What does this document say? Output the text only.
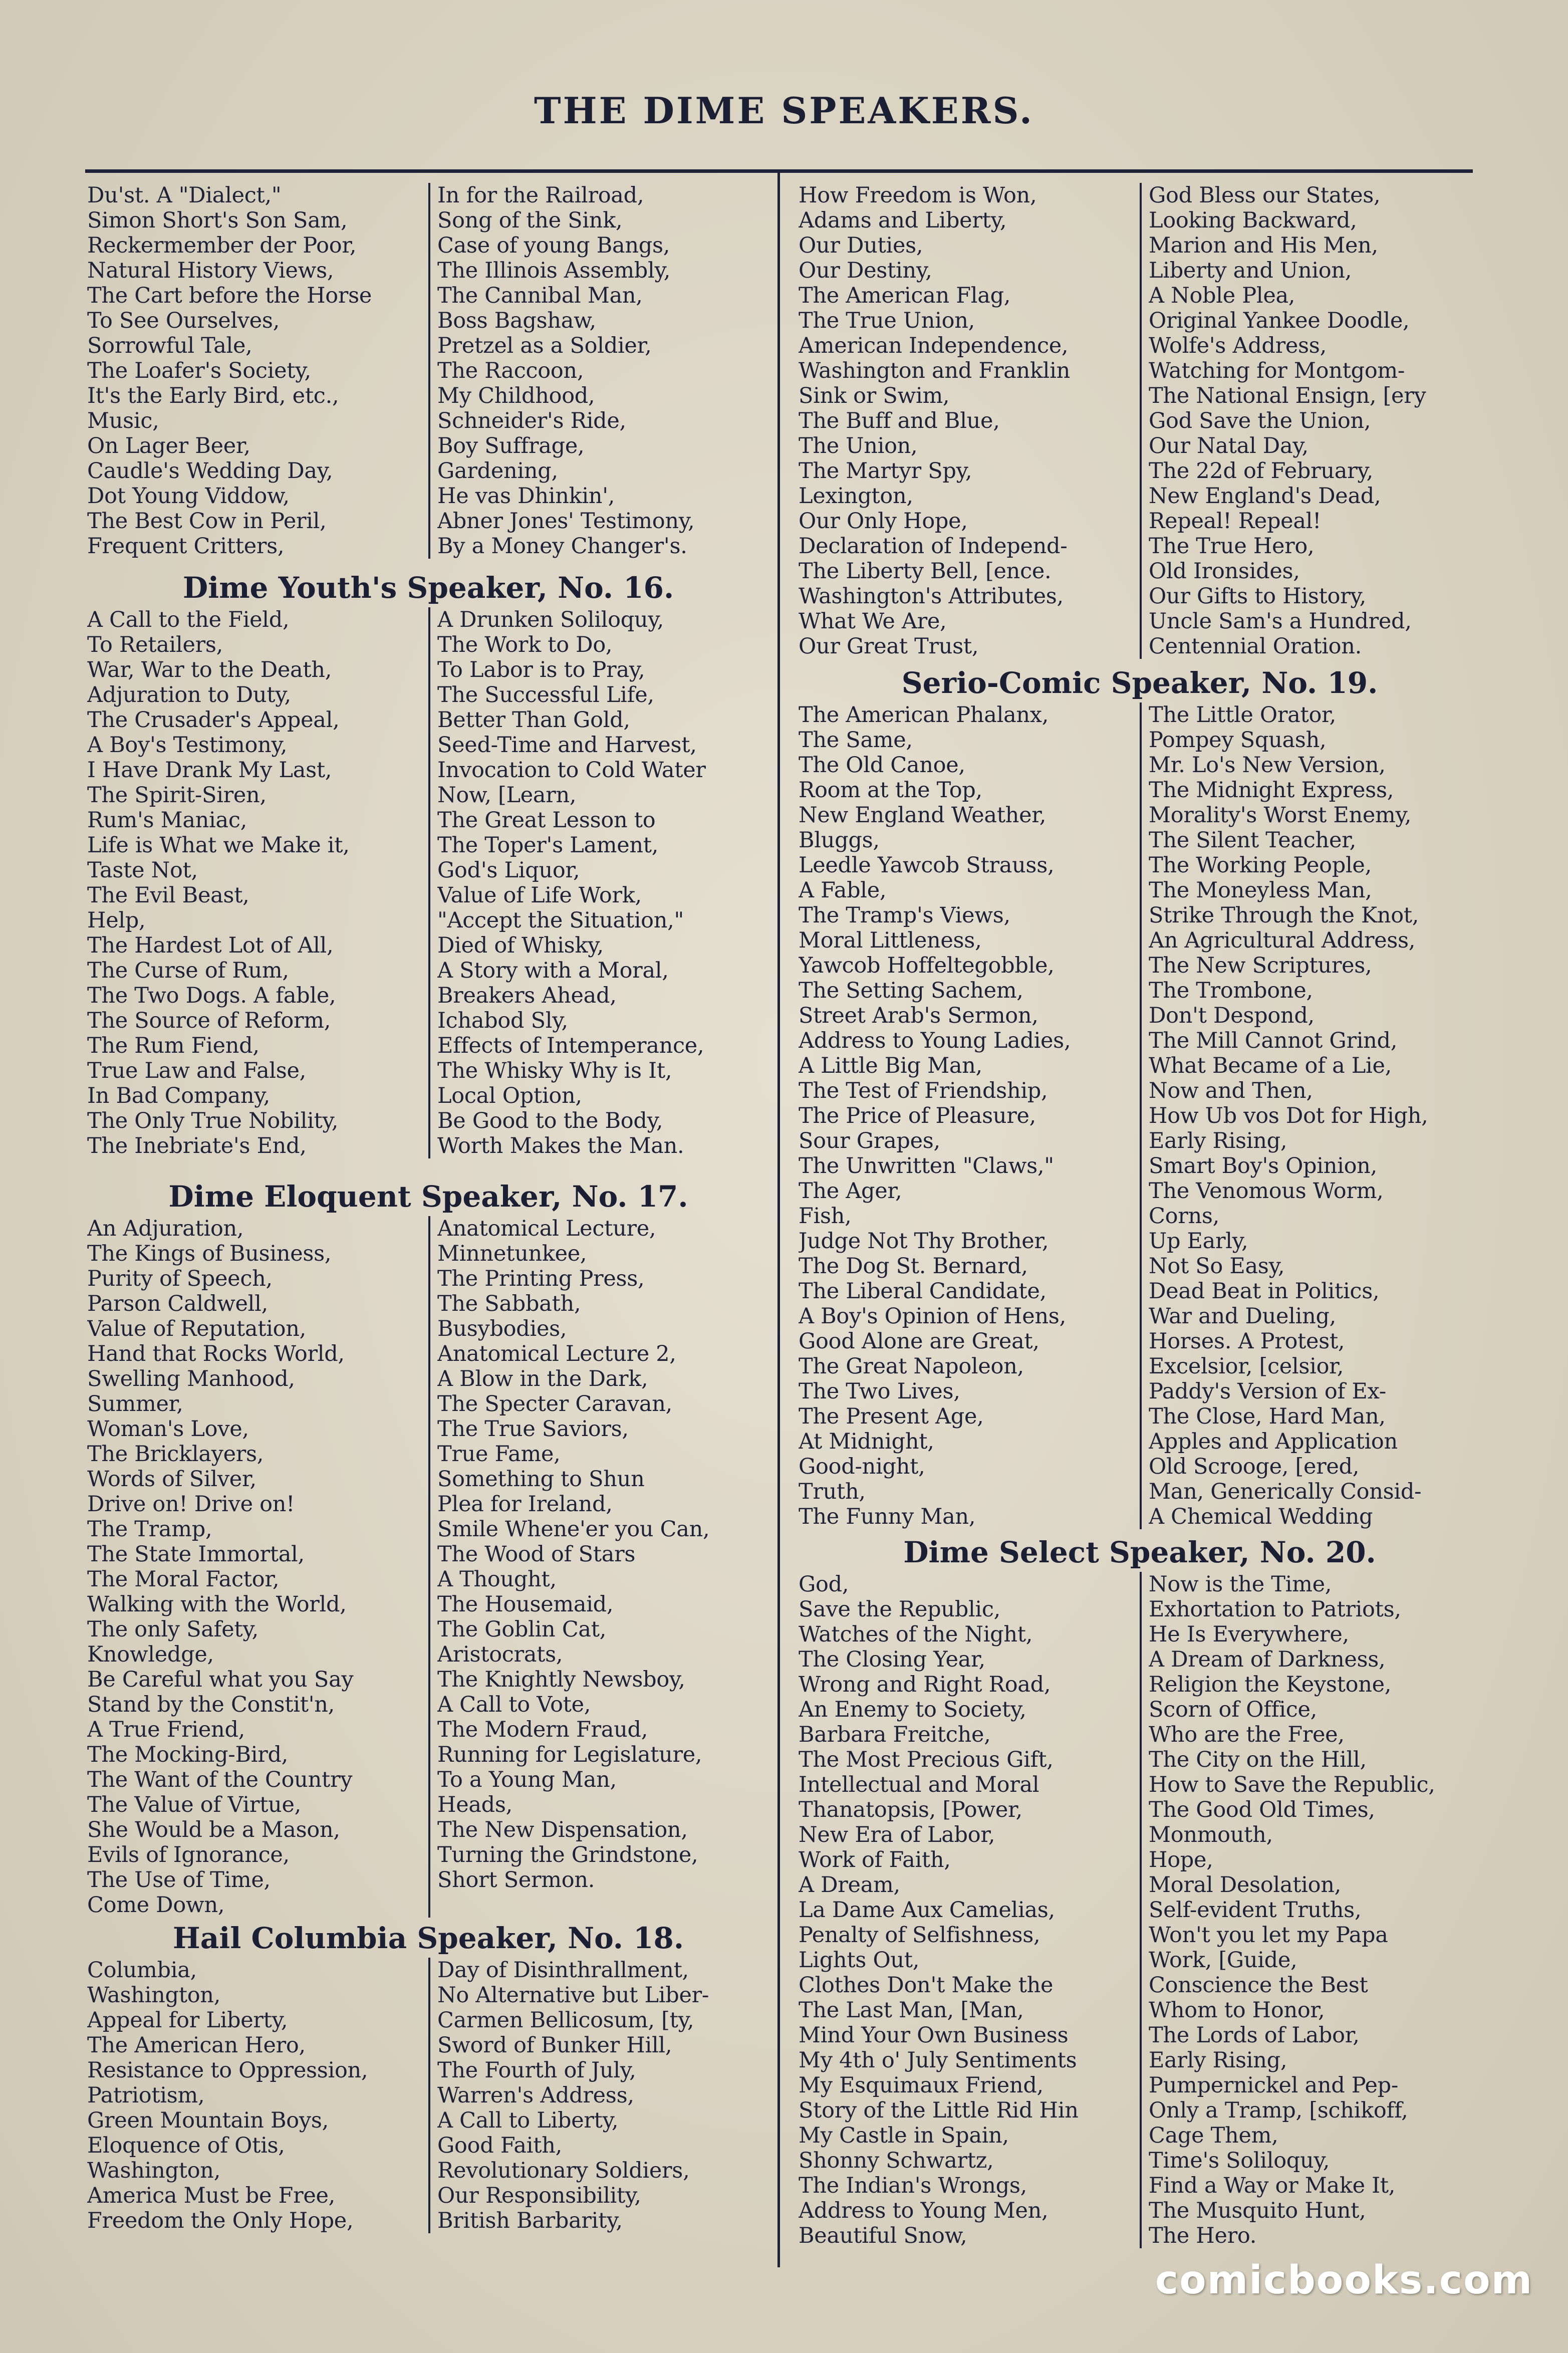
THE DIME SPEAKERS.
Du'st. A "Dialect,"
Simon Short's Son Sam,
Reckermember der Poor,
Natural History Views,
The Cart before the Horse
To See Ourselves,
Sorrowful Tale,
The Loafer's Society,
It's the Early Bird, etc.,
Music,
On Lager Beer,
Caudle's Wedding Day,
Dot Young Viddow,
The Best Cow in Peril,
Frequent Critters,
In for the Railroad,
Song of the Sink,
Case of young Bangs,
The Illinois Assembly,
The Cannibal Man,
Boss Bagshaw,
Pretzel as a Soldier,
The Raccoon,
My Childhood,
Schneider's Ride,
Boy Suffrage,
Gardening,
He vas Dhinkin',
Abner Jones' Testimony,
By a Money Changer's.
Dime Youth's Speaker, No. 16.
A Call to the Field,
To Retailers,
War, War to the Death,
Adjuration to Duty,
The Crusader's Appeal,
A Boy's Testimony,
I Have Drank My Last,
The Spirit-Siren,
Rum's Maniac,
Life is What we Make it,
Taste Not,
The Evil Beast,
Help,
The Hardest Lot of All,
The Curse of Rum,
The Two Dogs. A fable,
The Source of Reform,
The Rum Fiend,
True Law and False,
In Bad Company,
The Only True Nobility,
The Inebriate's End,
A Drunken Soliloquy,
The Work to Do,
To Labor is to Pray,
The Successful Life,
Better Than Gold,
Seed-Time and Harvest,
Invocation to Cold Water
Now, [Learn,
The Great Lesson to
The Toper's Lament,
God's Liquor,
Value of Life Work,
"Accept the Situation,"
Died of Whisky,
A Story with a Moral,
Breakers Ahead,
Ichabod Sly,
Effects of Intemperance,
The Whisky Why is It,
Local Option,
Be Good to the Body,
Worth Makes the Man.
Dime Eloquent Speaker, No. 17.
An Adjuration,
The Kings of Business,
Purity of Speech,
Parson Caldwell,
Value of Reputation,
Hand that Rocks World,
Swelling Manhood,
Summer,
Woman's Love,
The Bricklayers,
Words of Silver,
Drive on! Drive on!
The Tramp,
The State Immortal,
The Moral Factor,
Walking with the World,
The only Safety,
Knowledge,
Be Careful what you Say
Stand by the Constit'n,
A True Friend,
The Mocking-Bird,
The Want of the Country
The Value of Virtue,
She Would be a Mason,
Evils of Ignorance,
The Use of Time,
Come Down,
Anatomical Lecture,
Minnetunkee,
The Printing Press,
The Sabbath,
Busybodies,
Anatomical Lecture 2,
A Blow in the Dark,
The Specter Caravan,
The True Saviors,
True Fame,
Something to Shun
Plea for Ireland,
Smile Whene'er you Can,
The Wood of Stars
A Thought,
The Housemaid,
The Goblin Cat,
Aristocrats,
The Knightly Newsboy,
A Call to Vote,
The Modern Fraud,
Running for Legislature,
To a Young Man,
Heads,
The New Dispensation,
Turning the Grindstone,
Short Sermon.
Hail Columbia Speaker, No. 18.
Columbia,
Washington,
Appeal for Liberty,
The American Hero,
Resistance to Oppression,
Patriotism,
Green Mountain Boys,
Eloquence of Otis,
Washington,
America Must be Free,
Freedom the Only Hope,
Day of Disinthrallment,
No Alternative but Liber-
Carmen Bellicosum, [ty,
Sword of Bunker Hill,
The Fourth of July,
Warren's Address,
A Call to Liberty,
Good Faith,
Revolutionary Soldiers,
Our Responsibility,
British Barbarity,
How Freedom is Won,
Adams and Liberty,
Our Duties,
Our Destiny,
The American Flag,
The True Union,
American Independence,
Washington and Franklin
Sink or Swim,
The Buff and Blue,
The Union,
The Martyr Spy,
Lexington,
Our Only Hope,
Declaration of Independ-
The Liberty Bell, [ence.
Washington's Attributes,
What We Are,
Our Great Trust,
God Bless our States,
Looking Backward,
Marion and His Men,
Liberty and Union,
A Noble Plea,
Original Yankee Doodle,
Wolfe's Address,
Watching for Montgom-
The National Ensign, [ery
God Save the Union,
Our Natal Day,
The 22d of February,
New England's Dead,
Repeal! Repeal!
The True Hero,
Old Ironsides,
Our Gifts to History,
Uncle Sam's a Hundred,
Centennial Oration.
Serio-Comic Speaker, No. 19.
The American Phalanx,
The Same,
The Old Canoe,
Room at the Top,
New England Weather,
Bluggs,
Leedle Yawcob Strauss,
A Fable,
The Tramp's Views,
Moral Littleness,
Yawcob Hoffeltegobble,
The Setting Sachem,
Street Arab's Sermon,
Address to Young Ladies,
A Little Big Man,
The Test of Friendship,
The Price of Pleasure,
Sour Grapes,
The Unwritten "Claws,"
The Ager,
Fish,
Judge Not Thy Brother,
The Dog St. Bernard,
The Liberal Candidate,
A Boy's Opinion of Hens,
Good Alone are Great,
The Great Napoleon,
The Two Lives,
The Present Age,
At Midnight,
Good-night,
Truth,
The Funny Man,
The Little Orator,
Pompey Squash,
Mr. Lo's New Version,
The Midnight Express,
Morality's Worst Enemy,
The Silent Teacher,
The Working People,
The Moneyless Man,
Strike Through the Knot,
An Agricultural Address,
The New Scriptures,
The Trombone,
Don't Despond,
The Mill Cannot Grind,
What Became of a Lie,
Now and Then,
How Ub vos Dot for High,
Early Rising,
Smart Boy's Opinion,
The Venomous Worm,
Corns,
Up Early,
Not So Easy,
Dead Beat in Politics,
War and Dueling,
Horses. A Protest,
Excelsior, [celsior,
Paddy's Version of Ex-
The Close, Hard Man,
Apples and Application
Old Scrooge, [ered,
Man, Generically Consid-
A Chemical Wedding
Dime Select Speaker, No. 20.
God,
Save the Republic,
Watches of the Night,
The Closing Year,
Wrong and Right Road,
An Enemy to Society,
Barbara Freitche,
The Most Precious Gift,
Intellectual and Moral
Thanatopsis, [Power,
New Era of Labor,
Work of Faith,
A Dream,
La Dame Aux Camelias,
Penalty of Selfishness,
Lights Out,
Clothes Don't Make the
The Last Man, [Man,
Mind Your Own Business
My 4th o' July Sentiments
My Esquimaux Friend,
Story of the Little Rid Hin
My Castle in Spain,
Shonny Schwartz,
The Indian's Wrongs,
Address to Young Men,
Beautiful Snow,
Now is the Time,
Exhortation to Patriots,
He Is Everywhere,
A Dream of Darkness,
Religion the Keystone,
Scorn of Office,
Who are the Free,
The City on the Hill,
How to Save the Republic,
The Good Old Times,
Monmouth,
Hope,
Moral Desolation,
Self-evident Truths,
Won't you let my Papa
Work, [Guide,
Conscience the Best
Whom to Honor,
The Lords of Labor,
Early Rising,
Pumpernickel and Pep-
Only a Tramp, [schikoff,
Cage Them,
Time's Soliloquy,
Find a Way or Make It,
The Musquito Hunt,
The Hero.
comicbooks.com
